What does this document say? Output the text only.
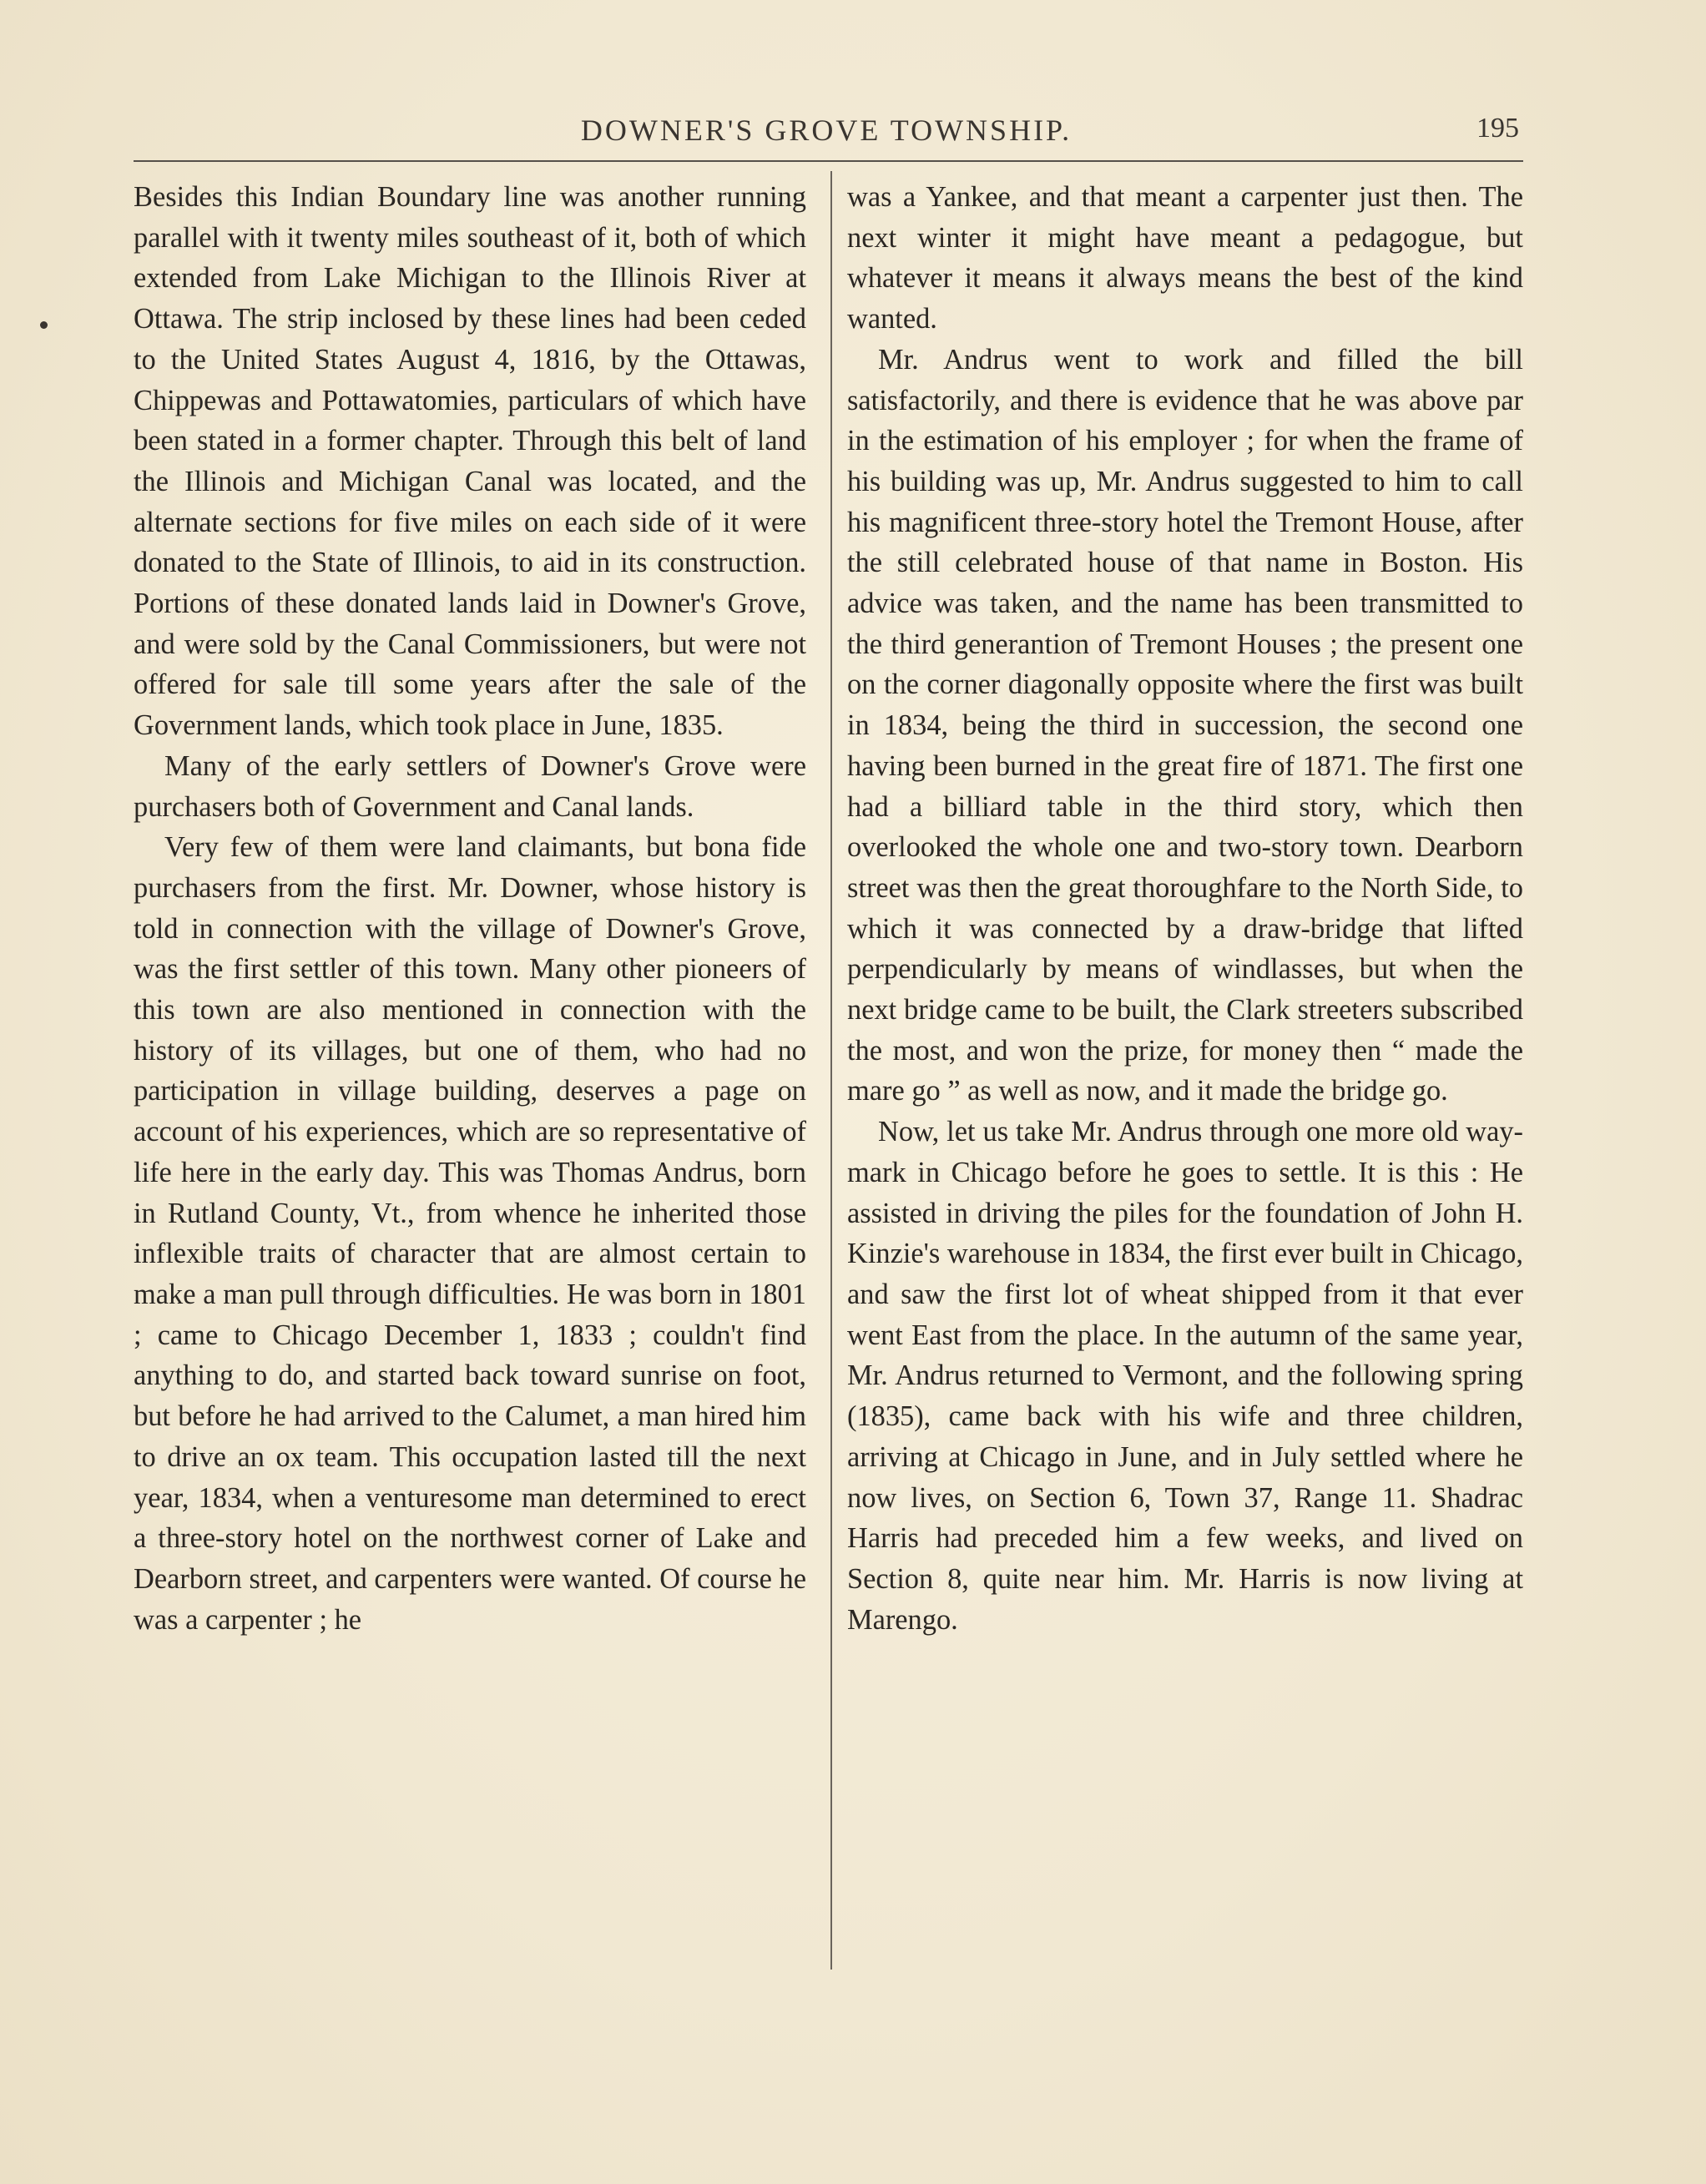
DOWNER'S GROVE TOWNSHIP.	195

Besides this Indian Boundary line was another running parallel with it twenty miles southeast of it, both of which extended from Lake Michigan to the Illinois River at Ottawa. The strip inclosed by these lines had been ceded to the United States August 4, 1816, by the Ottawas, Chippewas and Pottawatomies, particulars of which have been stated in a former chapter. Through this belt of land the Illinois and Michigan Canal was located, and the alternate sections for five miles on each side of it were donated to the State of Illinois, to aid in its construction. Portions of these donated lands laid in Downer's Grove, and were sold by the Canal Commissioners, but were not offered for sale till some years after the sale of the Government lands, which took place in June, 1835.

Many of the early settlers of Downer's Grove were purchasers both of Government and Canal lands.

Very few of them were land claimants, but bona fide purchasers from the first. Mr. Downer, whose history is told in connection with the village of Downer's Grove, was the first settler of this town. Many other pioneers of this town are also mentioned in connection with the history of its villages, but one of them, who had no participation in village building, deserves a page on account of his experiences, which are so representative of life here in the early day. This was Thomas Andrus, born in Rutland County, Vt., from whence he inherited those inflexible traits of character that are almost certain to make a man pull through difficulties. He was born in 1801 ; came to Chicago December 1, 1833 ; couldn't find anything to do, and started back toward sunrise on foot, but before he had arrived to the Calumet, a man hired him to drive an ox team. This occupation lasted till the next year, 1834, when a venturesome man determined to erect a three-story hotel on the northwest corner of Lake and Dearborn street, and carpenters were wanted. Of course he was a carpenter ; he

was a Yankee, and that meant a carpenter just then. The next winter it might have meant a pedagogue, but whatever it means it always means the best of the kind wanted.

Mr. Andrus went to work and filled the bill satisfactorily, and there is evidence that he was above par in the estimation of his employer ; for when the frame of his building was up, Mr. Andrus suggested to him to call his magnificent three-story hotel the Tremont House, after the still celebrated house of that name in Boston. His advice was taken, and the name has been transmitted to the third generantion of Tremont Houses ; the present one on the corner diagonally opposite where the first was built in 1834, being the third in succession, the second one having been burned in the great fire of 1871. The first one had a billiard table in the third story, which then overlooked the whole one and two-story town. Dearborn street was then the great thoroughfare to the North Side, to which it was connected by a draw-bridge that lifted perpendicularly by means of windlasses, but when the next bridge came to be built, the Clark streeters subscribed the most, and won the prize, for money then “ made the mare go ” as well as now, and it made the bridge go.

Now, let us take Mr. Andrus through one more old way-mark in Chicago before he goes to settle. It is this : He assisted in driving the piles for the foundation of John H. Kinzie's warehouse in 1834, the first ever built in Chicago, and saw the first lot of wheat shipped from it that ever went East from the place. In the autumn of the same year, Mr. Andrus returned to Vermont, and the following spring (1835), came back with his wife and three children, arriving at Chicago in June, and in July settled where he now lives, on Section 6, Town 37, Range 11. Shadrac Harris had preceded him a few weeks, and lived on Section 8, quite near him. Mr. Harris is now living at Marengo.
